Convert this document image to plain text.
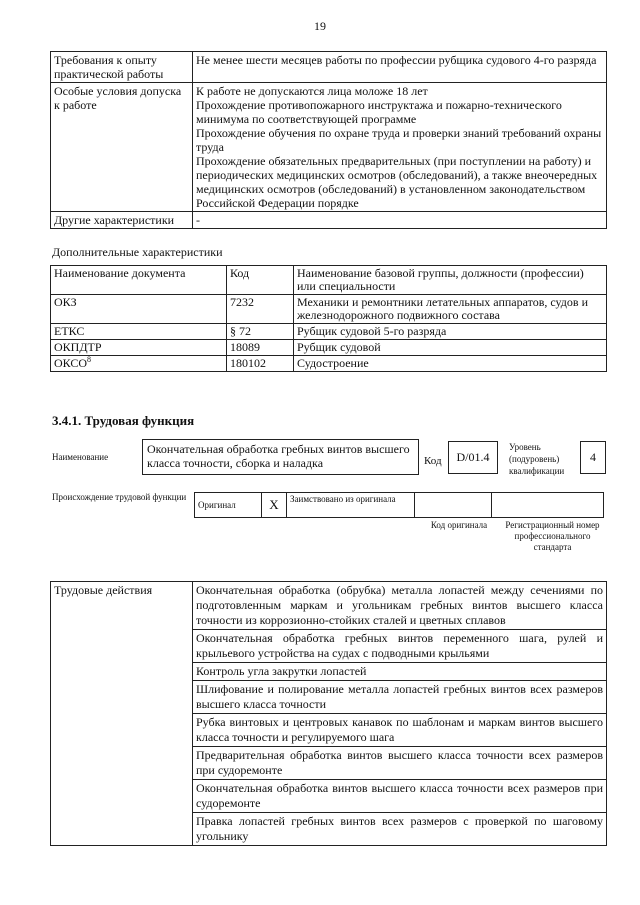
19
Требования к опыту практической работы	Не менее шести месяцев работы по профессии рубщика судового 4-го разряда
Особые условия допуска к работе	К работе не допускаются лица моложе 18 лет
Прохождение противопожарного инструктажа и пожарно-технического минимума по соответствующей программе
Прохождение обучения по охране труда и проверки знаний требований охраны труда
Прохождение обязательных предварительных (при поступлении на работу) и периодических медицинских осмотров (обследований), а также внеочередных медицинских осмотров (обследований) в установленном законодательством Российской Федерации порядке

Другие характеристики	-
Дополнительные характеристики
Наименование документа	Код	Наименование базовой группы, должности (профессии) или специальности
ОКЗ	7232	Механики и ремонтники летательных аппаратов, судов и железнодорожного подвижного состава
ЕТКС	§ 72	Рубщик судовой 5-го разряда
ОКПДТР	18089	Рубщик судовой
ОКСО$^8$	180102	Судостроение
3.4.1. Трудовая функция
Наименование
Окончательная обработка гребных винтов высшего класса точности, сборка и наладка	Код	D/01.4
Уровень (подуровень) квалификации
4
Происхождение трудовой функции
Оригинал	X	Заимствовано из оригинала		
Код оригинала	Регистрационный номер профессионального стандарта
Трудовые действия	Окончательная обработка (обрубка) металла лопастей между сечениями по подготовленным маркам и угольникам гребных винтов высшего класса точности из коррозионно-стойких сталей и цветных сплавов
Окончательная обработка гребных винтов переменного шага, рулей и крыльевого устройства на судах с подводными крыльями
Контроль угла закрутки лопастей
Шлифование и полирование металла лопастей гребных винтов всех размеров высшего класса точности
Рубка винтовых и центровых канавок по шаблонам и маркам винтов высшего класса точности и регулируемого шага
Предварительная обработка винтов высшего класса точности всех размеров при судоремонте
Окончательная обработка винтов высшего класса точности всех размеров при судоремонте
Правка лопастей гребных винтов всех размеров с проверкой по шаговому угольнику
